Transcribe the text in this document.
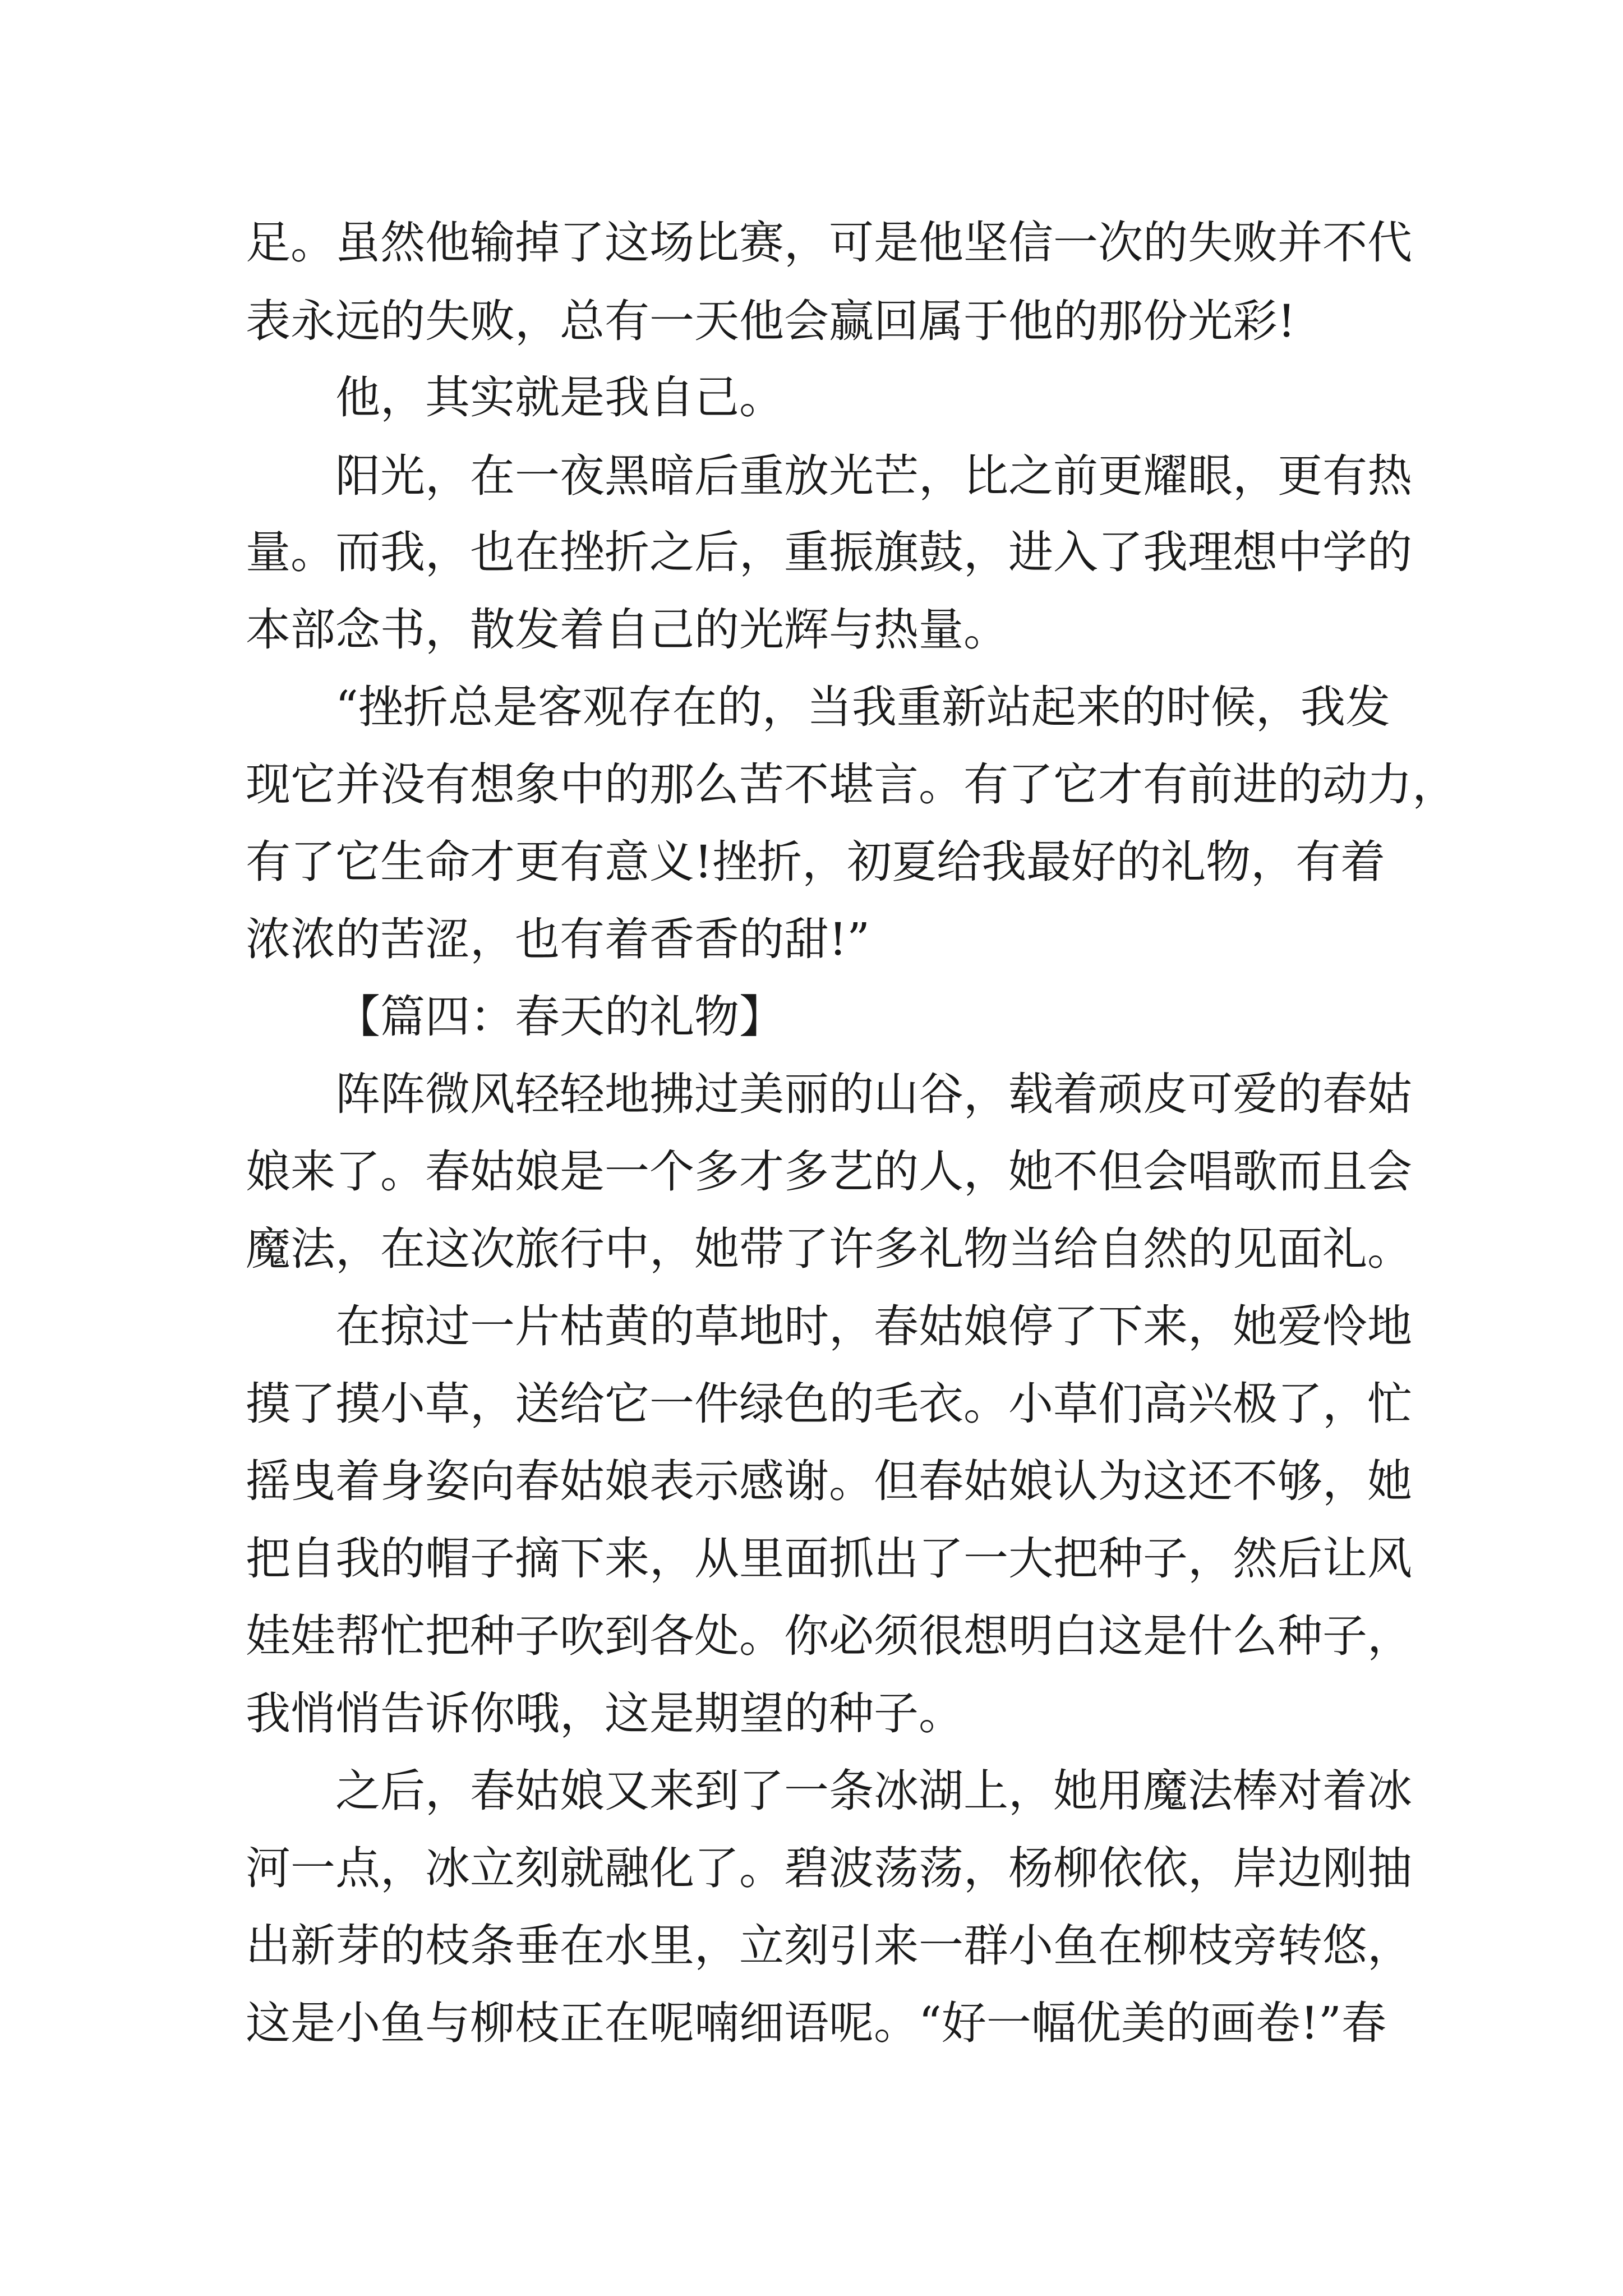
足。虽然他输掉了这场比赛，可是他坚信一次的失败并不代

表永远的失败，总有一天他会赢回属于他的那份光彩!

他，其实就是我自己。

阳光，在一夜黑暗后重放光芒，比之前更耀眼，更有热

量。而我，也在挫折之后，重振旗鼓，进入了我理想中学的

本部念书，散发着自己的光辉与热量。

“挫折总是客观存在的，当我重新站起来的时候，我发

现它并没有想象中的那么苦不堪言。有了它才有前进的动力，

有了它生命才更有意义!挫折，初夏给我最好的礼物，有着

浓浓的苦涩，也有着香香的甜!”

【篇四：春天的礼物】

阵阵微风轻轻地拂过美丽的山谷，载着顽皮可爱的春姑

娘来了。春姑娘是一个多才多艺的人，她不但会唱歌而且会

魔法，在这次旅行中，她带了许多礼物当给自然的见面礼。

在掠过一片枯黄的草地时，春姑娘停了下来，她爱怜地

摸了摸小草，送给它一件绿色的毛衣。小草们高兴极了，忙

摇曳着身姿向春姑娘表示感谢。但春姑娘认为这还不够，她

把自我的帽子摘下来，从里面抓出了一大把种子，然后让风

娃娃帮忙把种子吹到各处。你必须很想明白这是什么种子，

我悄悄告诉你哦，这是期望的种子。

之后，春姑娘又来到了一条冰湖上，她用魔法棒对着冰

河一点，冰立刻就融化了。碧波荡荡，杨柳依依，岸边刚抽

出新芽的枝条垂在水里，立刻引来一群小鱼在柳枝旁转悠，

这是小鱼与柳枝正在呢喃细语呢。“好一幅优美的画卷!”春
